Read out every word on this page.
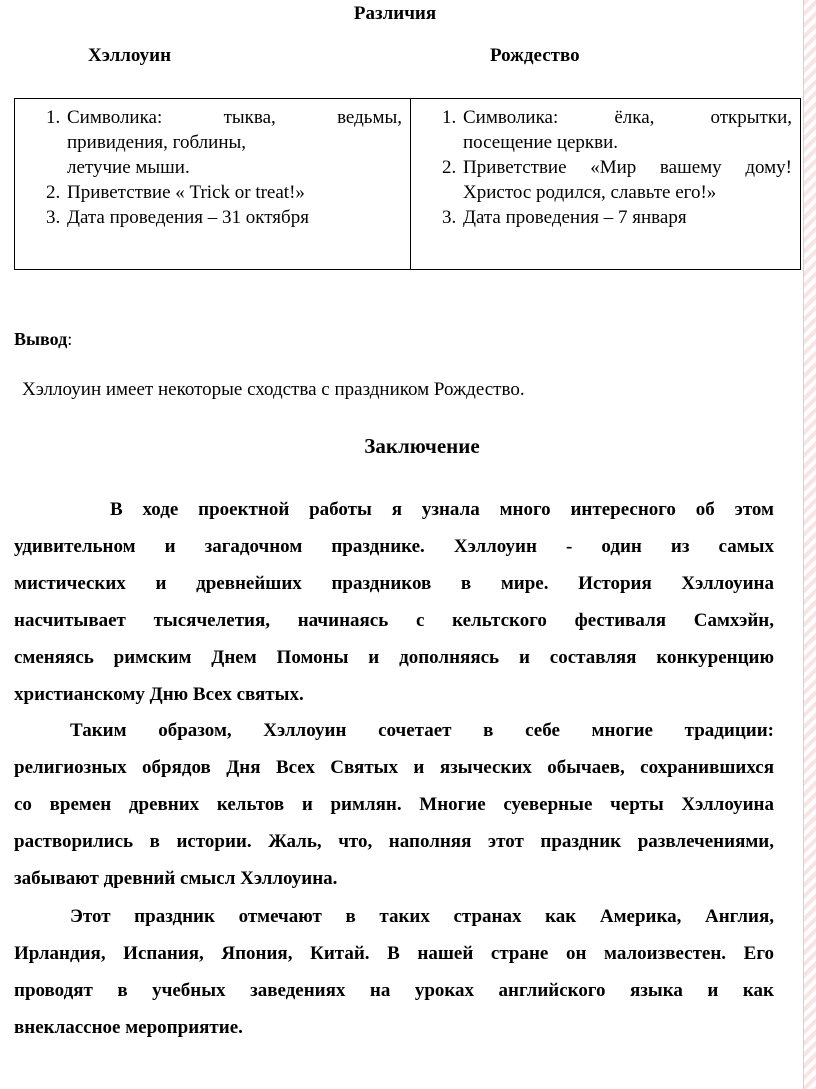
Различия
Хэллоуин	Рождество
1. Символика: тыква, ведьмы,
привидения, гоблины,
летучие мыши.
2. Приветствие « Trick or treat!»
3. Дата проведения – 31 октября
1. Символика: ёлка, открытки,
посещение церкви.
2. Приветствие «Мир вашему дому!
Христос родился, славьте его!»
3. Дата проведения – 7 января
Вывод:
Хэллоуин имеет некоторые сходства с праздником Рождество.
Заключение
В ходе проектной работы я узнала много интересного об этом
удивительном и загадочном празднике. Хэллоуин - один из самых
мистических и древнейших праздников в мире. История Хэллоуина
насчитывает тысячелетия, начинаясь с кельтского фестиваля Самхэйн,
сменяясь римским Днем Помоны и дополняясь и составляя конкуренцию
христианскому Дню Всех святых.
Таким образом, Хэллоуин сочетает в себе многие традиции:
религиозных обрядов Дня Всех Святых и языческих обычаев, сохранившихся
со времен древних кельтов и римлян. Многие суеверные черты Хэллоуина
растворились в истории. Жаль, что, наполняя этот праздник развлечениями,
забывают древний смысл Хэллоуина.
Этот праздник отмечают в таких странах как Америка, Англия,
Ирландия, Испания, Япония, Китай. В нашей стране он малоизвестен. Его
проводят в учебных заведениях на уроках английского языка и как
внеклассное мероприятие.
